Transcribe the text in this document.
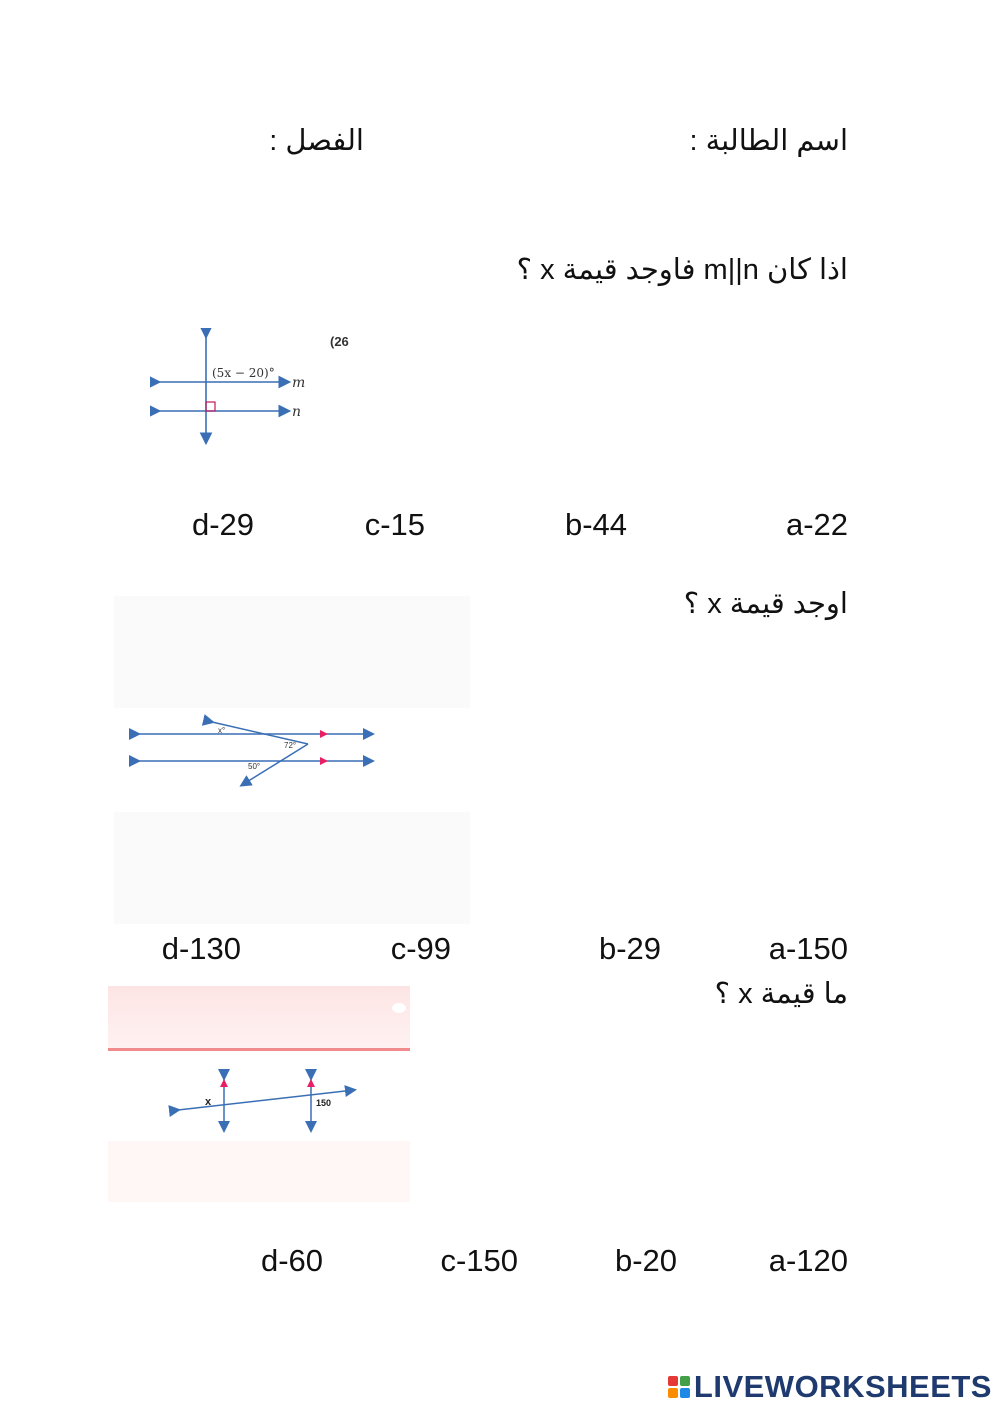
اسم الطالبة :
الفصل :
اذا كان m||n فاوجد قيمة x ؟
(5x − 20)°
m
n
(26
a-22
b-44
c-15
d-29
اوجد قيمة x ؟
x°
72°
50°
a-150
b-29
c-99
d-130
ما قيمة x ؟
x	150
a-120
b-20
c-150
d-60
LIVEWORKSHEETS
